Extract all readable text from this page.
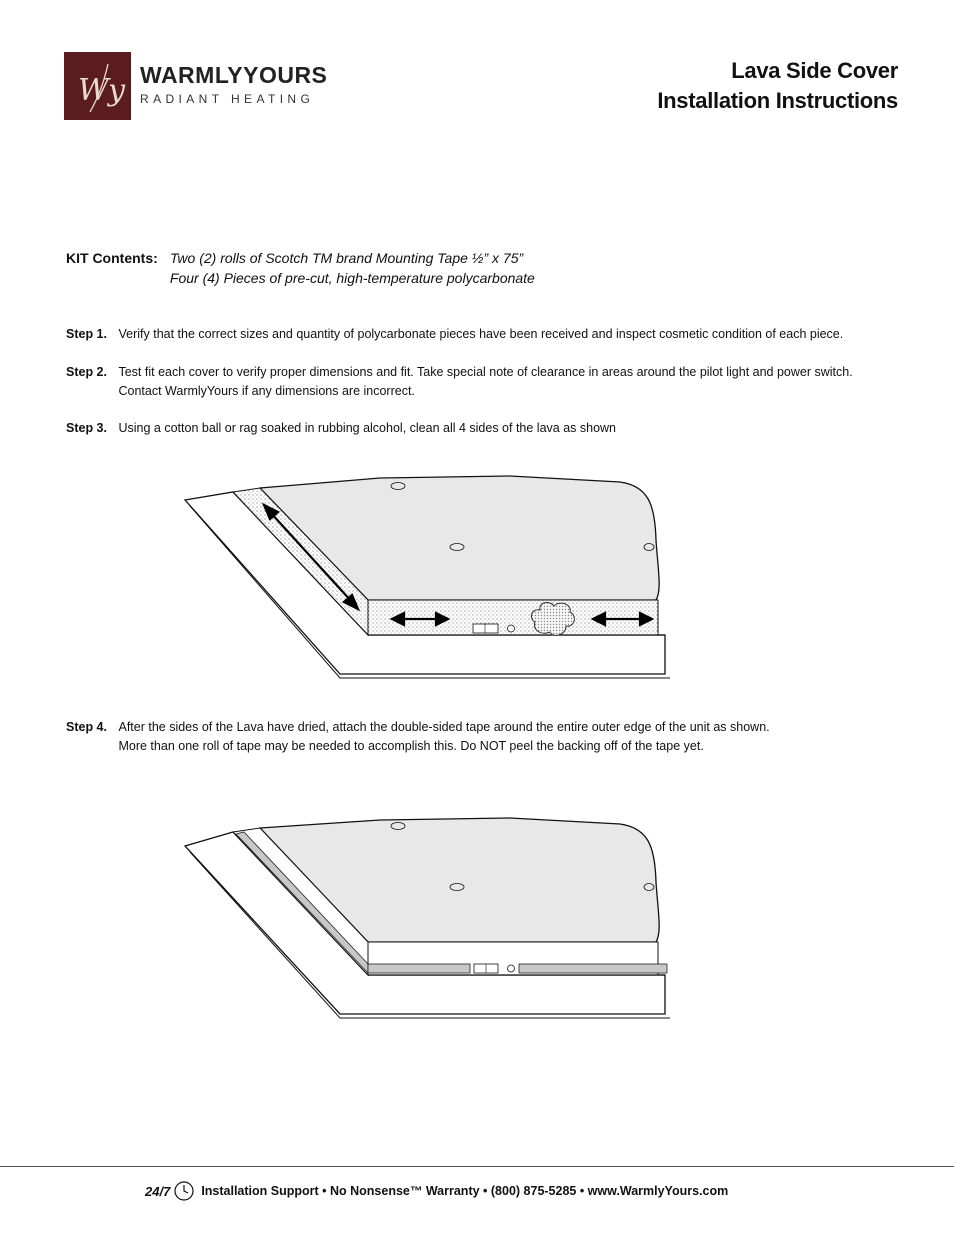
Wy WARMLYYOURS
RADIANT HEATING
Lava Side Cover
Installation Instructions
KIT Contents: Two (2) rolls of Scotch TM brand Mounting Tape ½” x 75”
Four (4) Pieces of pre-cut, high-temperature polycarbonate
Step 1. Verify that the correct sizes and quantity of polycarbonate pieces have been received and inspect cosmetic condition of each piece.
Step 2. Test fit each cover to verify proper dimensions and fit. Take special note of clearance in areas around the pilot light and power switch.
Contact WarmlyYours if any dimensions are incorrect.
Step 3. Using a cotton ball or rag soaked in rubbing alcohol, clean all 4 sides of the lava as shown
Step 4. After the sides of the Lava have dried, attach the double-sided tape around the entire outer edge of the unit as shown.
More than one roll of tape may be needed to accomplish this. Do NOT peel the backing off of the tape yet.
24/7 Installation Support • No Nonsense™ Warranty • (800) 875-5285 • www.WarmlyYours.com
